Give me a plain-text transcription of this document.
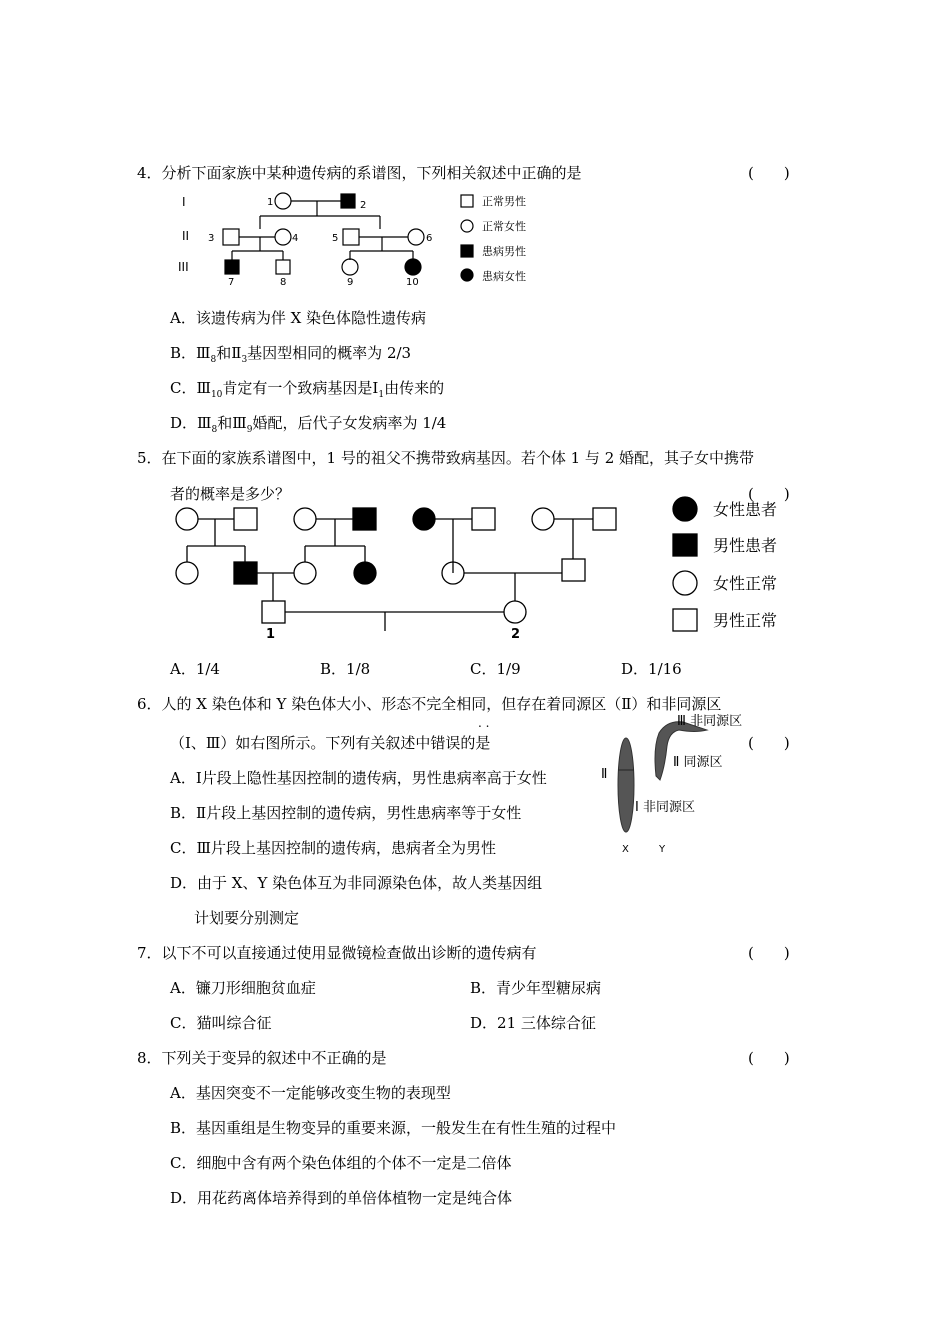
4．分析下面家族中某种遗传病的系谱图，下列相关叙述中正确的是	(　　)
I
II
III
1	2
3	4	5	6
7	8	9	10
正常男性
正常女性
患病男性
患病女性
A．该遗传病为伴 X 染色体隐性遗传病
B．$Ⅲ_8$和$Ⅱ_3$基因型相同的概率为 2/3
C．$Ⅲ_{10}$肯定有一个致病基因是$Ⅰ_1$由传来的
D．$Ⅲ_8$和$Ⅲ_9$婚配，后代子女发病率为 1/4
5．在下面的家族系谱图中，1 号的祖父不携带致病基因。若个体 1 与 2 婚配，其子女中携带
者的概率是多少？	(　　)
1	2
女性患者
男性患者
女性正常
男性正常
A．1/4	B．1/8	C．1/9	D．1/16
6．人的 X 染色体和 Y 染色体大小、形态不完全相同，但存在着同源区（Ⅱ）和非同源区
. .
（Ⅰ、Ⅲ）如右图所示。下列有关叙述中错误的是	(　　)
Ⅲ 非同源区
Ⅱ 同源区
Ⅱ
Ⅰ 非同源区
X	Y
A．Ⅰ片段上隐性基因控制的遗传病，男性患病率高于女性
B．Ⅱ片段上基因控制的遗传病，男性患病率等于女性
C．Ⅲ片段上基因控制的遗传病，患病者全为男性
D．由于 X、Y 染色体互为非同源染色体，故人类基因组
计划要分别测定
7．以下不可以直接通过使用显微镜检查做出诊断的遗传病有	(　　)
A．镰刀形细胞贫血症	B．青少年型糖尿病
C．猫叫综合征	D．21 三体综合征
8．下列关于变异的叙述中不正确的是	(　　)
A．基因突变不一定能够改变生物的表现型
B．基因重组是生物变异的重要来源，一般发生在有性生殖的过程中
C．细胞中含有两个染色体组的个体不一定是二倍体
D．用花药离体培养得到的单倍体植物一定是纯合体
